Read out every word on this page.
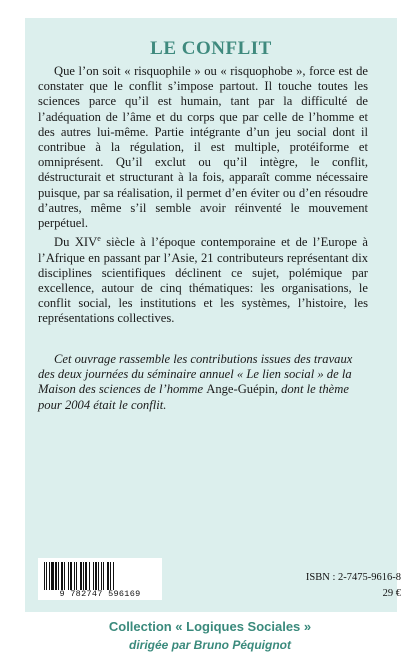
LE CONFLIT

Que l’on soit « risquophile » ou « risquophobe », force est de constater que le conflit s’impose partout. Il touche toutes les sciences parce qu’il est humain, tant par la difficulté de l’adéquation de l’âme et du corps que par celle de l’homme et des autres lui-même. Partie intégrante d’un jeu social dont il contribue à la régulation, il est multiple, protéiforme et omniprésent. Qu’il exclut ou qu’il intègre, le conflit, déstructurait et structurant à la fois, apparaît comme nécessaire puisque, par sa réalisation, il permet d’en éviter ou d’en résoudre d’autres, même s’il semble avoir réinventé le mouvement perpétuel.

Du XIVe siècle à l’époque contemporaine et de l’Europe à l’Afrique en passant par l’Asie, 21 contributeurs représentant dix disciplines scientifiques déclinent ce sujet, polémique par excellence, autour de cinq thématiques: les organisations, le conflit social, les institutions et les systèmes, l’histoire, les représentations collectives.

Cet ouvrage rassemble les contributions issues des travaux des deux journées du séminaire annuel « Le lien social » de la Maison des sciences de l’homme Ange-Guépin, dont le thème pour 2004 était le conflit.
9 782747 596169
ISBN : 2-7475-9616-8
29 €
Collection « Logiques Sociales »
dirigée par Bruno Péquignot
